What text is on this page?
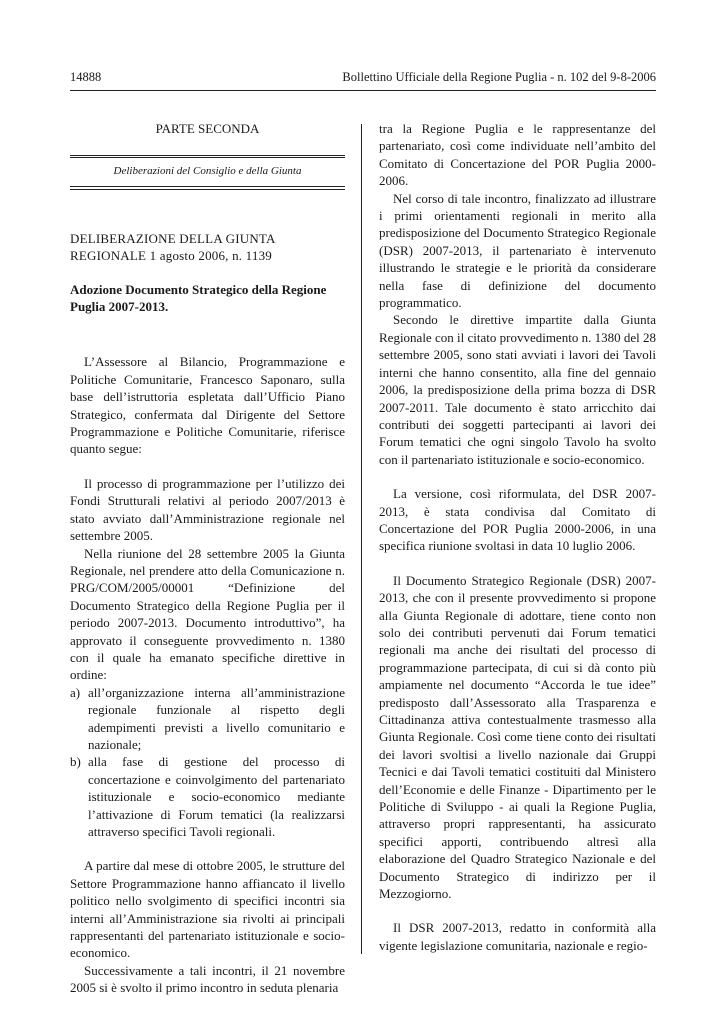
14888	Bollettino Ufficiale della Regione Puglia - n. 102 del 9-8-2006
PARTE SECONDA
Deliberazioni del Consiglio e della Giunta
DELIBERAZIONE DELLA GIUNTA REGIONALE 1 agosto 2006, n. 1139
Adozione Documento Strategico della Regione Puglia 2007-2013.

L’Assessore al Bilancio, Programmazione e Politiche Comunitarie, Francesco Saponaro, sulla base dell’istruttoria espletata dall’Ufficio Piano Strategico, confermata dal Dirigente del Settore Programmazione e Politiche Comunitarie, riferisce quanto segue:

Il processo di programmazione per l’utilizzo dei Fondi Strutturali relativi al periodo 2007/2013 è stato avviato dall’Amministrazione regionale nel settembre 2005.

Nella riunione del 28 settembre 2005 la Giunta Regionale, nel prendere atto della Comunicazione n. PRG/COM/2005/00001 “Definizione del Documento Strategico della Regione Puglia per il periodo 2007-2013. Documento introduttivo”, ha approvato il conseguente provvedimento n. 1380 con il quale ha emanato specifiche direttive in ordine:

a) all’organizzazione interna all’amministrazione regionale funzionale al rispetto degli adempimenti previsti a livello comunitario e nazionale;
b) alla fase di gestione del processo di concertazione e coinvolgimento del partenariato istituzionale e socio-economico mediante l’attivazione di Forum tematici (la realizzarsi attraverso specifici Tavoli regionali.

A partire dal mese di ottobre 2005, le strutture del Settore Programmazione hanno affiancato il livello politico nello svolgimento di specifici incontri sia interni all’Amministrazione sia rivolti ai principali rappresentanti del partenariato istituzionale e socio-economico.

Successivamente a tali incontri, il 21 novembre 2005 si è svolto il primo incontro in seduta plenaria

tra la Regione Puglia e le rappresentanze del partenariato, così come individuate nell’ambito del Comitato di Concertazione del POR Puglia 2000-2006.

Nel corso di tale incontro, finalizzato ad illustrare i primi orientamenti regionali in merito alla predisposizione del Documento Strategico Regionale (DSR) 2007-2013, il partenariato è intervenuto illustrando le strategie e le priorità da considerare nella fase di definizione del documento programmatico.

Secondo le direttive impartite dalla Giunta Regionale con il citato provvedimento n. 1380 del 28 settembre 2005, sono stati avviati i lavori dei Tavoli interni che hanno consentito, alla fine del gennaio 2006, la predisposizione della prima bozza di DSR 2007-2011. Tale documento è stato arricchito dai contributi dei soggetti partecipanti ai lavori dei Forum tematici che ogni singolo Tavolo ha svolto con il partenariato istituzionale e socio-economico.

La versione, così riformulata, del DSR 2007-2013, è stata condivisa dal Comitato di Concertazione del POR Puglia 2000-2006, in una specifica riunione svoltasi in data 10 luglio 2006.

Il Documento Strategico Regionale (DSR) 2007-2013, che con il presente provvedimento si propone alla Giunta Regionale di adottare, tiene conto non solo dei contributi pervenuti dai Forum tematici regionali ma anche dei risultati del processo di programmazione partecipata, di cui si dà conto più ampiamente nel documento “Accorda le tue idee” predisposto dall’Assessorato alla Trasparenza e Cittadinanza attiva contestualmente trasmesso alla Giunta Regionale. Così come tiene conto dei risultati dei lavori svoltisi a livello nazionale dai Gruppi Tecnici e dai Tavoli tematici costituiti dal Ministero dell’Economie e delle Finanze - Dipartimento per le Politiche di Sviluppo - ai quali la Regione Puglia, attraverso propri rappresentanti, ha assicurato specifici apporti, contribuendo altresì alla elaborazione del Quadro Strategico Nazionale e del Documento Strategico di indirizzo per il Mezzogiorno.

Il DSR 2007-2013, redatto in conformità alla vigente legislazione comunitaria, nazionale e regio-
